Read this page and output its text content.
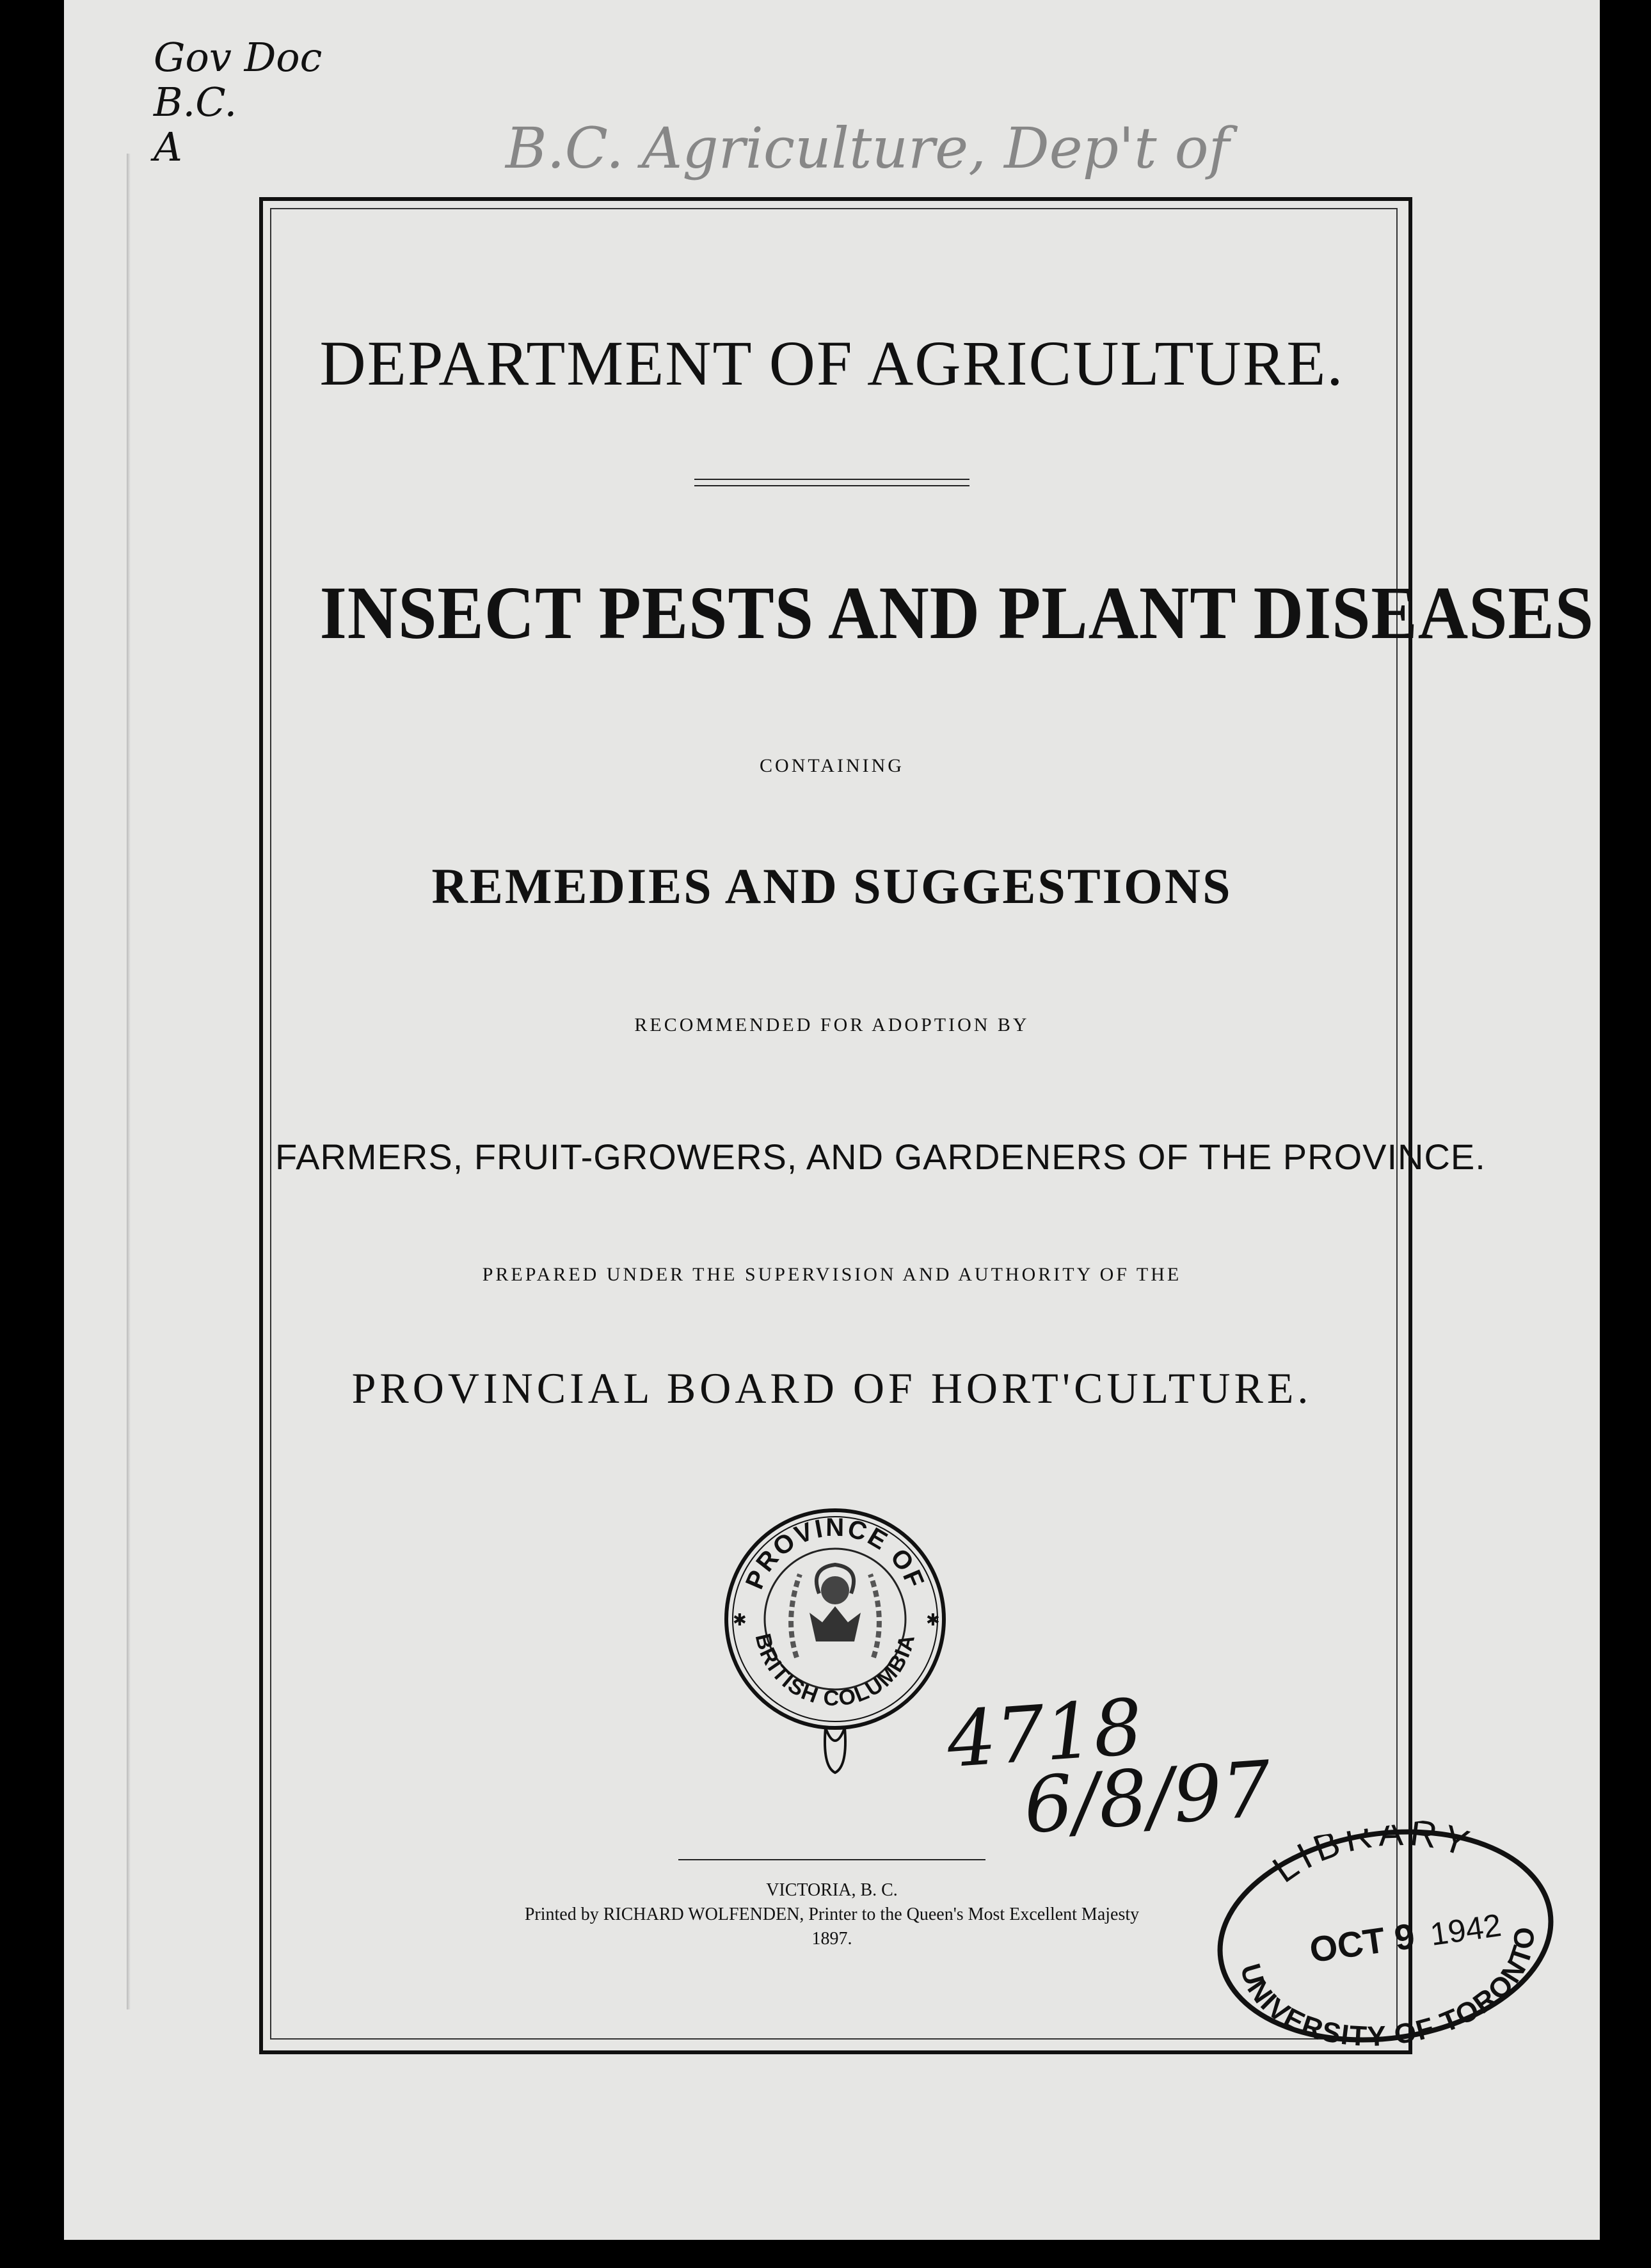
Gov Doc
B.C.
A	B.C. Agriculture, Dep't of
DEPARTMENT OF AGRICULTURE.
INSECT PESTS AND PLANT DISEASES
CONTAINING
REMEDIES AND SUGGESTIONS
RECOMMENDED FOR ADOPTION BY
FARMERS, FRUIT-GROWERS, AND GARDENERS OF THE PROVINCE.
PREPARED UNDER THE SUPERVISION AND AUTHORITY OF THE
PROVINCIAL BOARD OF HORT'CULTURE.
PROVINCE OF
BRITISH COLUMBIA
✱	✱
VICTORIA, B. C.
Printed by RICHARD WOLFENDEN, Printer to the Queen's Most Excellent Majesty
1897.
4718
6/8/97
LIBRARY
OCT 9 1942
UNIVERSITY OF TORONTO
